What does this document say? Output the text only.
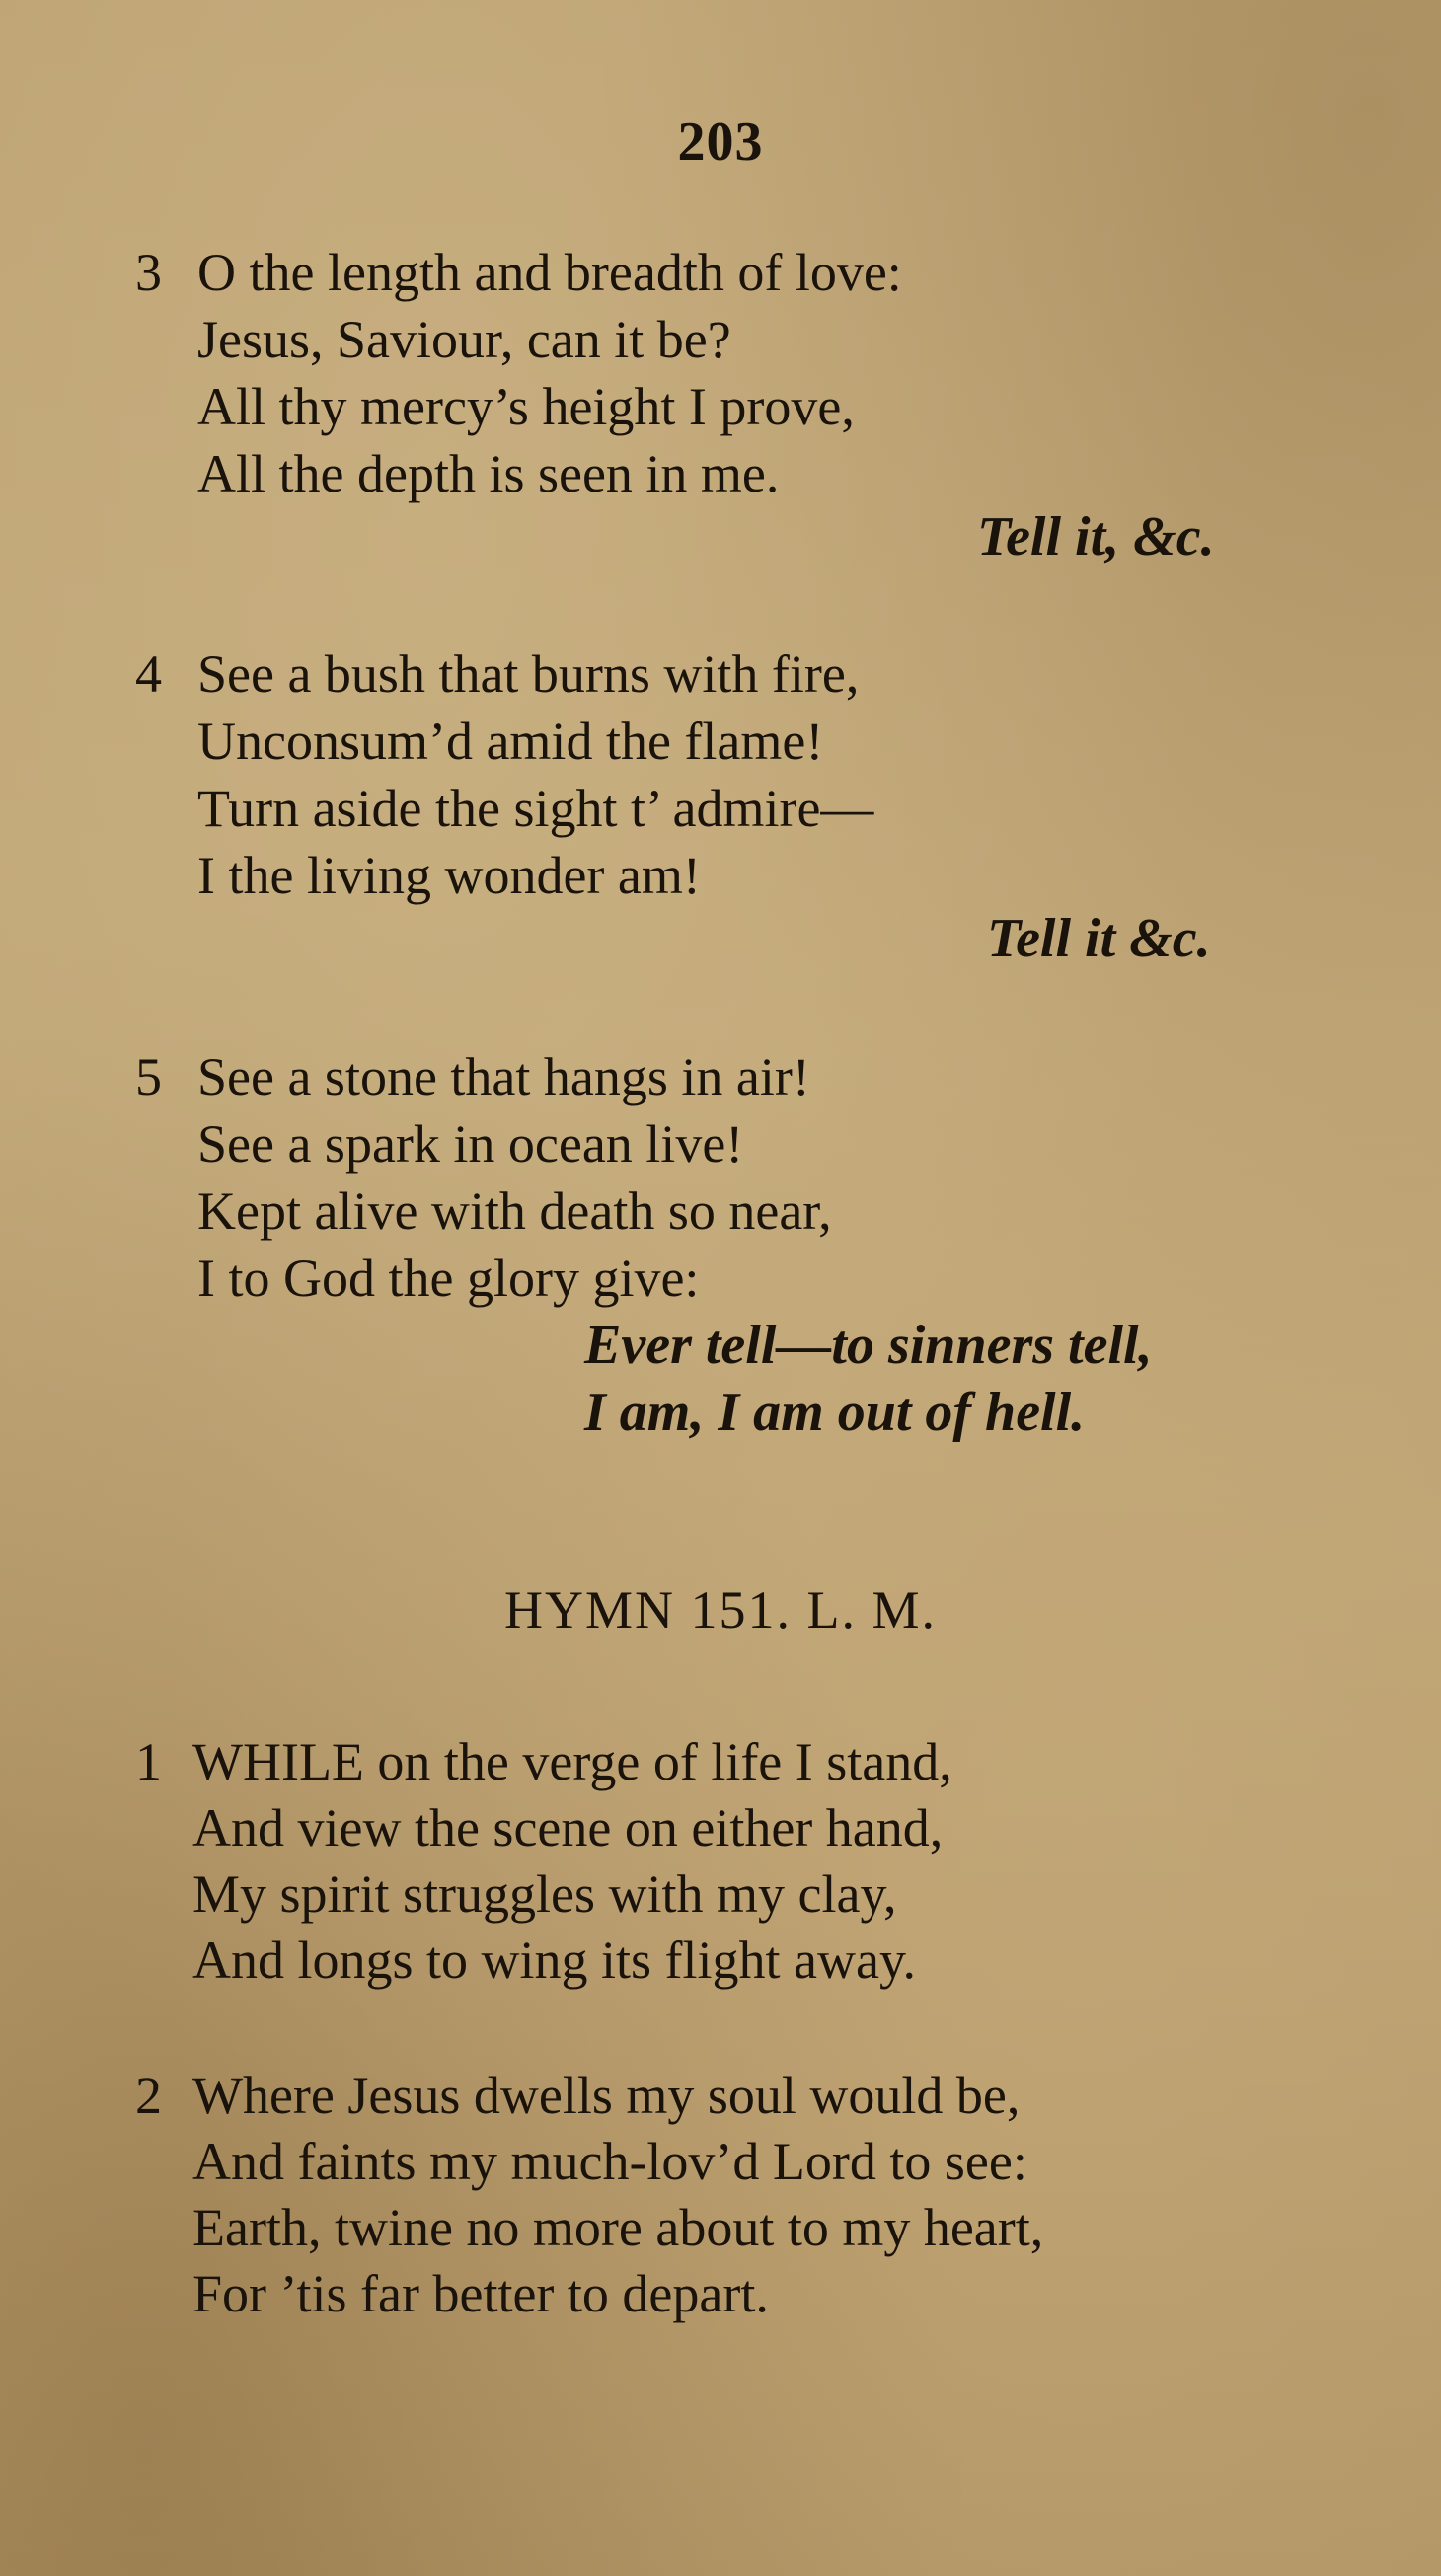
203
3 O the length and breadth of love:
Jesus, Saviour, can it be?
All thy mercy’s height I prove,
All the depth is seen in me.
Tell it, &c.
4 See a bush that burns with fire,
Unconsum’d amid the flame!
Turn aside the sight t’ admire—
I the living wonder am!
Tell it &c.
5 See a stone that hangs in air!
See a spark in ocean live!
Kept alive with death so near,
I to God the glory give:
Ever tell—to sinners tell,
I am, I am out of hell.
HYMN 151. L. M.
1 WHILE on the verge of life I stand,
And view the scene on either hand,
My spirit struggles with my clay,
And longs to wing its flight away.
2 Where Jesus dwells my soul would be,
And faints my much-lov’d Lord to see:
Earth, twine no more about to my heart,
For ’tis far better to depart.
